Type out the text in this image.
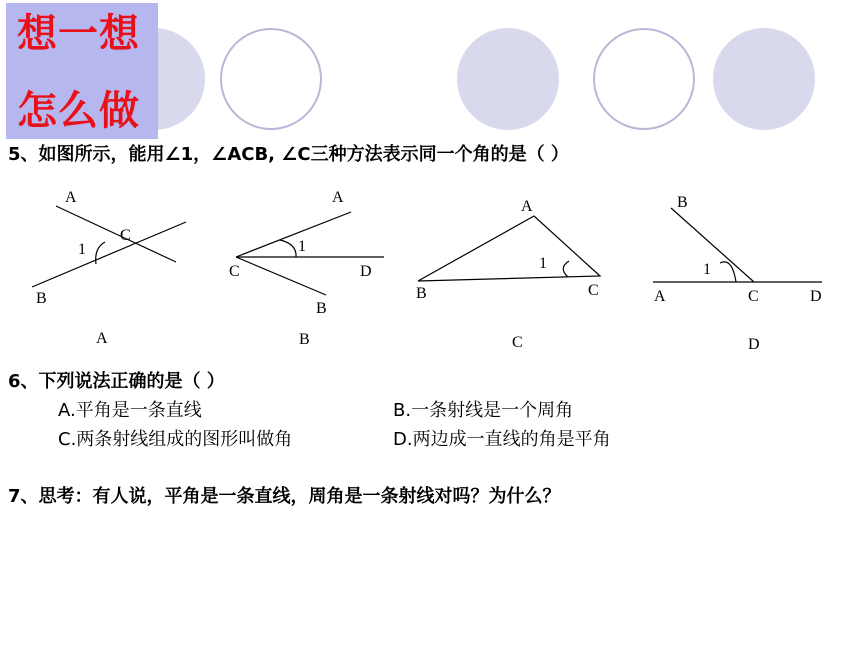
想一想
怎么做
5、如图所示，能用∠1，∠ACB, ∠C三种方法表示同一个角的是（ ）
A
C
1
B
A
A
1
C	D
B
B
A
1
B	C
C
B
1
A	C	D
D
6、下列说法正确的是（ ）
A.平角是一条直线	B.一条射线是一个周角
C.两条射线组成的图形叫做角	D.两边成一直线的角是平角
7、思考：有人说，平角是一条直线，周角是一条射线对吗？为什么？
